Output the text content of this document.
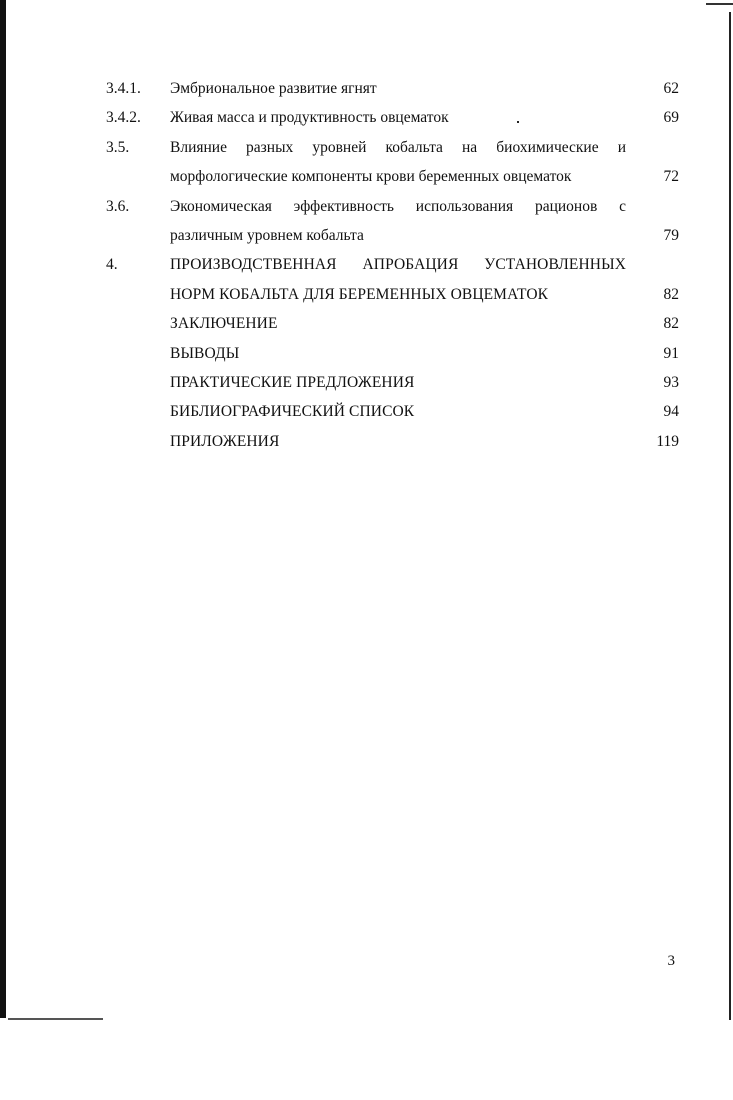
3.4.1. Эмбриональное развитие ягнят	62
3.4.2. Живая масса и продуктивность овцематок	69
3.5.	Влияние разных уровней кобальта на биохимические и
морфологические компоненты крови беременных овцематок	72
3.6.	Экономическая эффективность использования рационов с
различным уровнем кобальта	79
4.	ПРОИЗВОДСТВЕННАЯ АПРОБАЦИЯ УСТАНОВЛЕННЫХ
НОРМ КОБАЛЬТА ДЛЯ БЕРЕМЕННЫХ ОВЦЕМАТОК	82
ЗАКЛЮЧЕНИЕ	82
ВЫВОДЫ	91
ПРАКТИЧЕСКИЕ ПРЕДЛОЖЕНИЯ	93
БИБЛИОГРАФИЧЕСКИЙ СПИСОК	94
ПРИЛОЖЕНИЯ	119
3
